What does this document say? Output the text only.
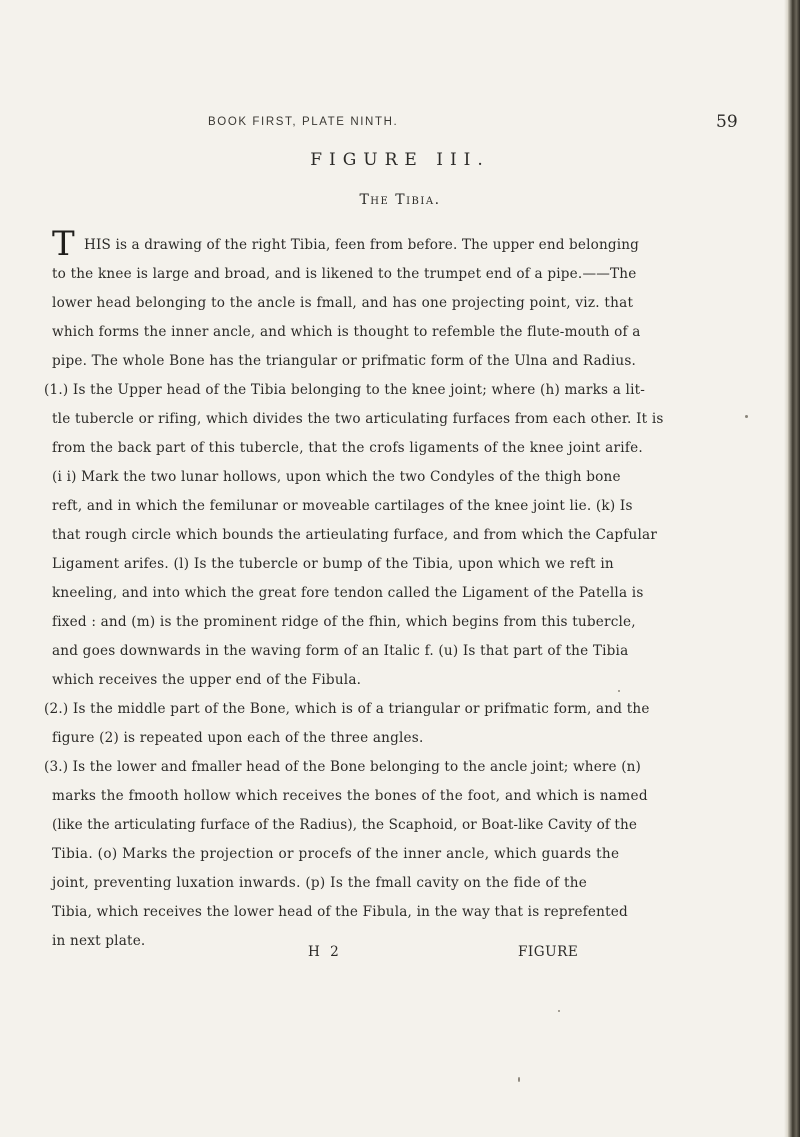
BOOK FIRST, PLATE NINTH.	59
FIGURE III.
The Tibia.
T HIS is a drawing of the right Tibia, feen from before. The upper end belonging
to the knee is large and broad, and is likened to the trumpet end of a pipe.——The
lower head belonging to the ancle is fmall, and has one projecting point, viz. that
which forms the inner ancle, and which is thought to refemble the flute-mouth of a
pipe. The whole Bone has the triangular or prifmatic form of the Ulna and Radius.
(1.) Is the Upper head of the Tibia belonging to the knee joint; where (h) marks a lit-
tle tubercle or rifing, which divides the two articulating furfaces from each other. It is
from the back part of this tubercle, that the crofs ligaments of the knee joint arife.
(i i) Mark the two lunar hollows, upon which the two Condyles of the thigh bone
reft, and in which the femilunar or moveable cartilages of the knee joint lie. (k) Is
that rough circle which bounds the artieulating furface, and from which the Capfular
Ligament arifes. (l) Is the tubercle or bump of the Tibia, upon which we reft in
kneeling, and into which the great fore tendon called the Ligament of the Patella is
fixed : and (m) is the prominent ridge of the fhin, which begins from this tubercle,
and goes downwards in the waving form of an Italic f. (u) Is that part of the Tibia
which receives the upper end of the Fibula.
(2.) Is the middle part of the Bone, which is of a triangular or prifmatic form, and the
figure (2) is repeated upon each of the three angles.
(3.) Is the lower and fmaller head of the Bone belonging to the ancle joint; where (n)
marks the fmooth hollow which receives the bones of the foot, and which is named
(like the articulating furface of the Radius), the Scaphoid, or Boat-like Cavity of the
Tibia. (o) Marks the projection or procefs of the inner ancle, which guards the
joint, preventing luxation inwards. (p) Is the fmall cavity on the fide of the
Tibia, which receives the lower head of the Fibula, in the way that is reprefented
in next plate.
H 2	FIGURE
